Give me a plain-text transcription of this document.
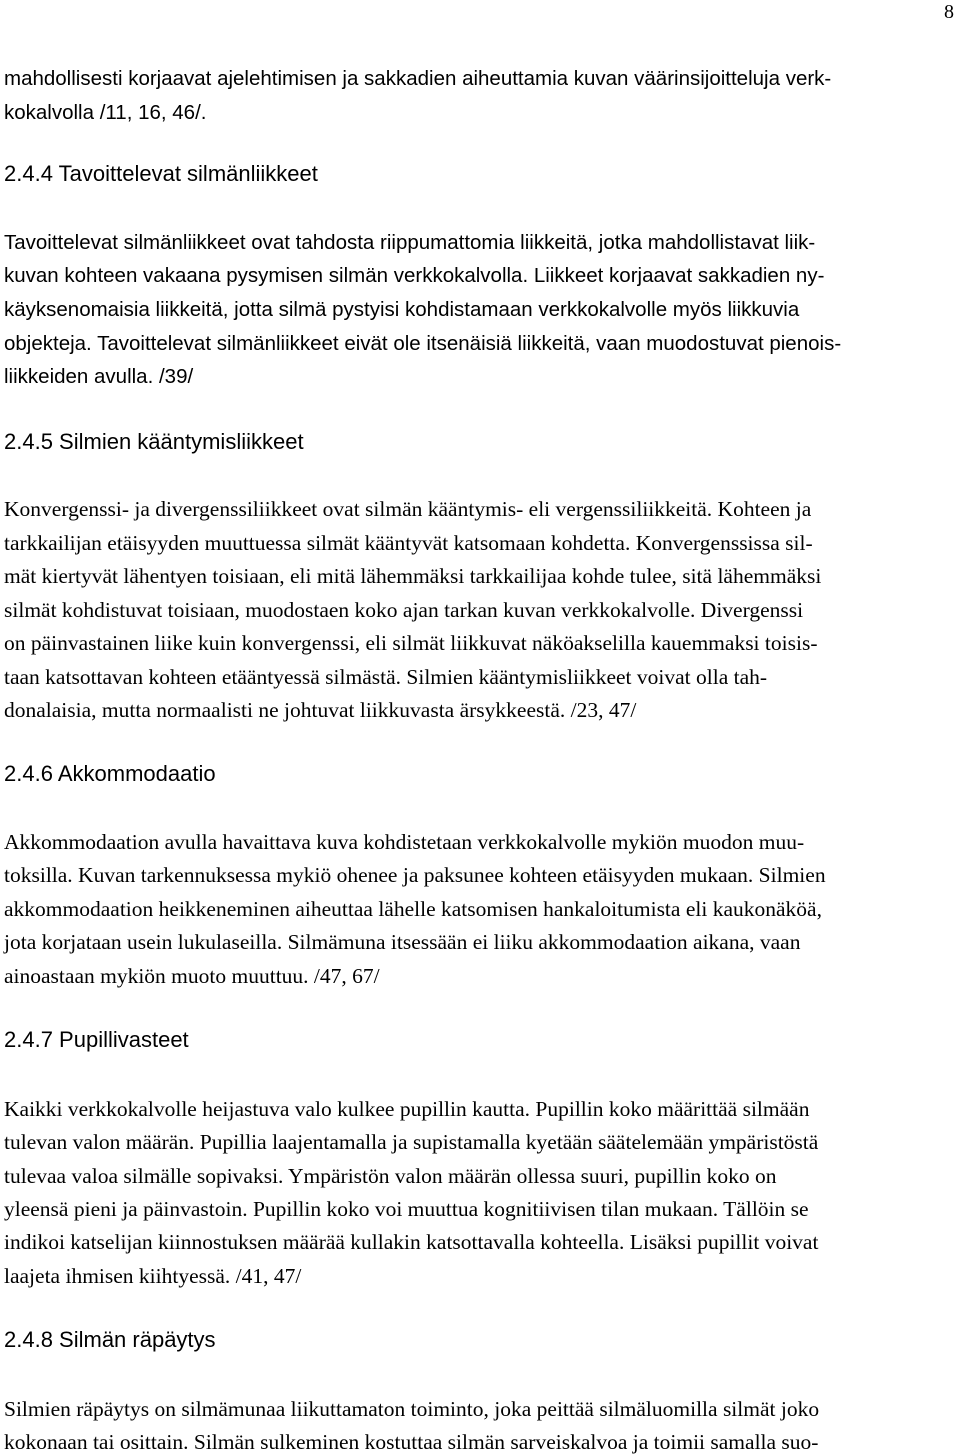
8
mahdollisesti korjaavat ajelehtimisen ja sakkadien aiheuttamia kuvan väärinsijoitteluja verk-
kokalvolla /11, 16, 46/.
2.4.4 Tavoittelevat silmänliikkeet
Tavoittelevat silmänliikkeet ovat tahdosta riippumattomia liikkeitä, jotka mahdollistavat liik-
kuvan kohteen vakaana pysymisen silmän verkkokalvolla. Liikkeet korjaavat sakkadien ny-
käyksenomaisia liikkeitä, jotta silmä pystyisi kohdistamaan verkkokalvolle myös liikkuvia
objekteja. Tavoittelevat silmänliikkeet eivät ole itsenäisiä liikkeitä, vaan muodostuvat pienois-
liikkeiden avulla. /39/
2.4.5 Silmien kääntymisliikkeet
Konvergenssi- ja divergenssiliikkeet ovat silmän kääntymis- eli vergenssiliikkeitä. Kohteen ja
tarkkailijan etäisyyden muuttuessa silmät kääntyvät katsomaan kohdetta. Konvergenssissa sil-
mät kiertyvät lähentyen toisiaan, eli mitä lähemmäksi tarkkailijaa kohde tulee, sitä lähemmäksi
silmät kohdistuvat toisiaan, muodostaen koko ajan tarkan kuvan verkkokalvolle. Divergenssi
on päinvastainen liike kuin konvergenssi, eli silmät liikkuvat näköakselilla kauemmaksi toisis-
taan katsottavan kohteen etääntyessä silmästä. Silmien kääntymisliikkeet voivat olla tah-
donalaisia, mutta normaalisti ne johtuvat liikkuvasta ärsykkeestä. /23, 47/
2.4.6 Akkommodaatio
Akkommodaation avulla havaittava kuva kohdistetaan verkkokalvolle mykiön muodon muu-
toksilla. Kuvan tarkennuksessa mykiö ohenee ja paksunee kohteen etäisyyden mukaan. Silmien
akkommodaation heikkeneminen aiheuttaa lähelle katsomisen hankaloitumista eli kaukonäköä,
jota korjataan usein lukulaseilla. Silmämuna itsessään ei liiku akkommodaation aikana, vaan
ainoastaan mykiön muoto muuttuu. /47, 67/
2.4.7 Pupillivasteet
Kaikki verkkokalvolle heijastuva valo kulkee pupillin kautta. Pupillin koko määrittää silmään
tulevan valon määrän. Pupillia laajentamalla ja supistamalla kyetään säätelemään ympäristöstä
tulevaa valoa silmälle sopivaksi. Ympäristön valon määrän ollessa suuri, pupillin koko on
yleensä pieni ja päinvastoin. Pupillin koko voi muuttua kognitiivisen tilan mukaan. Tällöin se
indikoi katselijan kiinnostuksen määrää kullakin katsottavalla kohteella. Lisäksi pupillit voivat
laajeta ihmisen kiihtyessä. /41, 47/
2.4.8 Silmän räpäytys
Silmien räpäytys on silmämunaa liikuttamaton toiminto, joka peittää silmäluomilla silmät joko
kokonaan tai osittain. Silmän sulkeminen kostuttaa silmän sarveiskalvoa ja toimii samalla suo-
